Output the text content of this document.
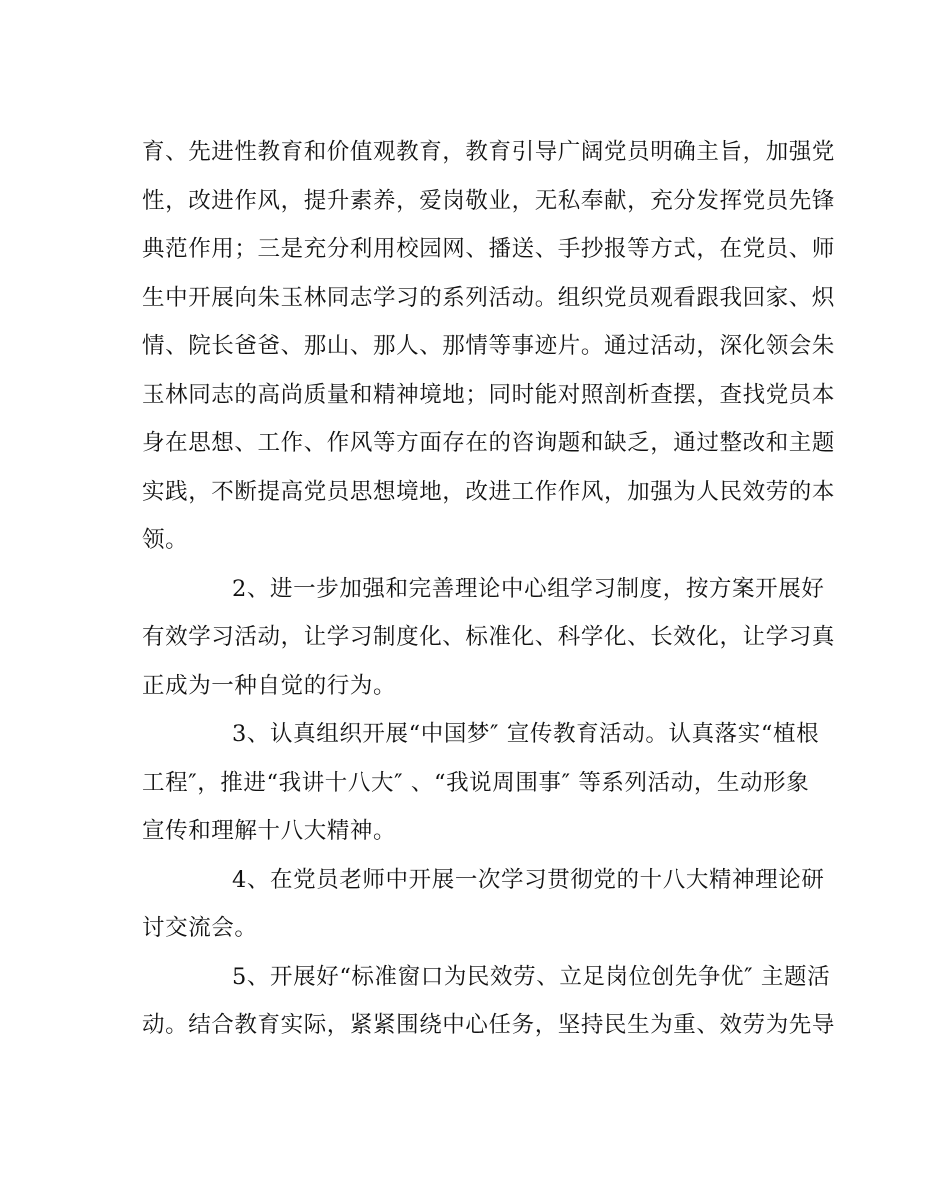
育、先进性教育和价值观教育，教育引导广阔党员明确主旨，加强党
性，改进作风，提升素养，爱岗敬业，无私奉献，充分发挥党员先锋
典范作用；三是充分利用校园网、播送、手抄报等方式，在党员、师
生中开展向朱玉林同志学习的系列活动。组织党员观看跟我回家、炽
情、院长爸爸、那山、那人、那情等事迹片。通过活动，深化领会朱
玉林同志的高尚质量和精神境地；同时能对照剖析查摆，查找党员本
身在思想、工作、作风等方面存在的咨询题和缺乏，通过整改和主题
实践，不断提高党员思想境地，改进工作作风，加强为人民效劳的本
领。

2、进一步加强和完善理论中心组学习制度，按方案开展好
有效学习活动，让学习制度化、标准化、科学化、长效化，让学习真
正成为一种自觉的行为。

3、认真组织开展“中国梦″ 宣传教育活动。认真落实“植根
工程″，推进“我讲十八大″ 、“我说周围事″ 等系列活动，生动形象
宣传和理解十八大精神。

4、在党员老师中开展一次学习贯彻党的十八大精神理论研
讨交流会。

5、开展好“标准窗口为民效劳、立足岗位创先争优″ 主题活
动。结合教育实际，紧紧围绕中心任务，坚持民生为重、效劳为先导
